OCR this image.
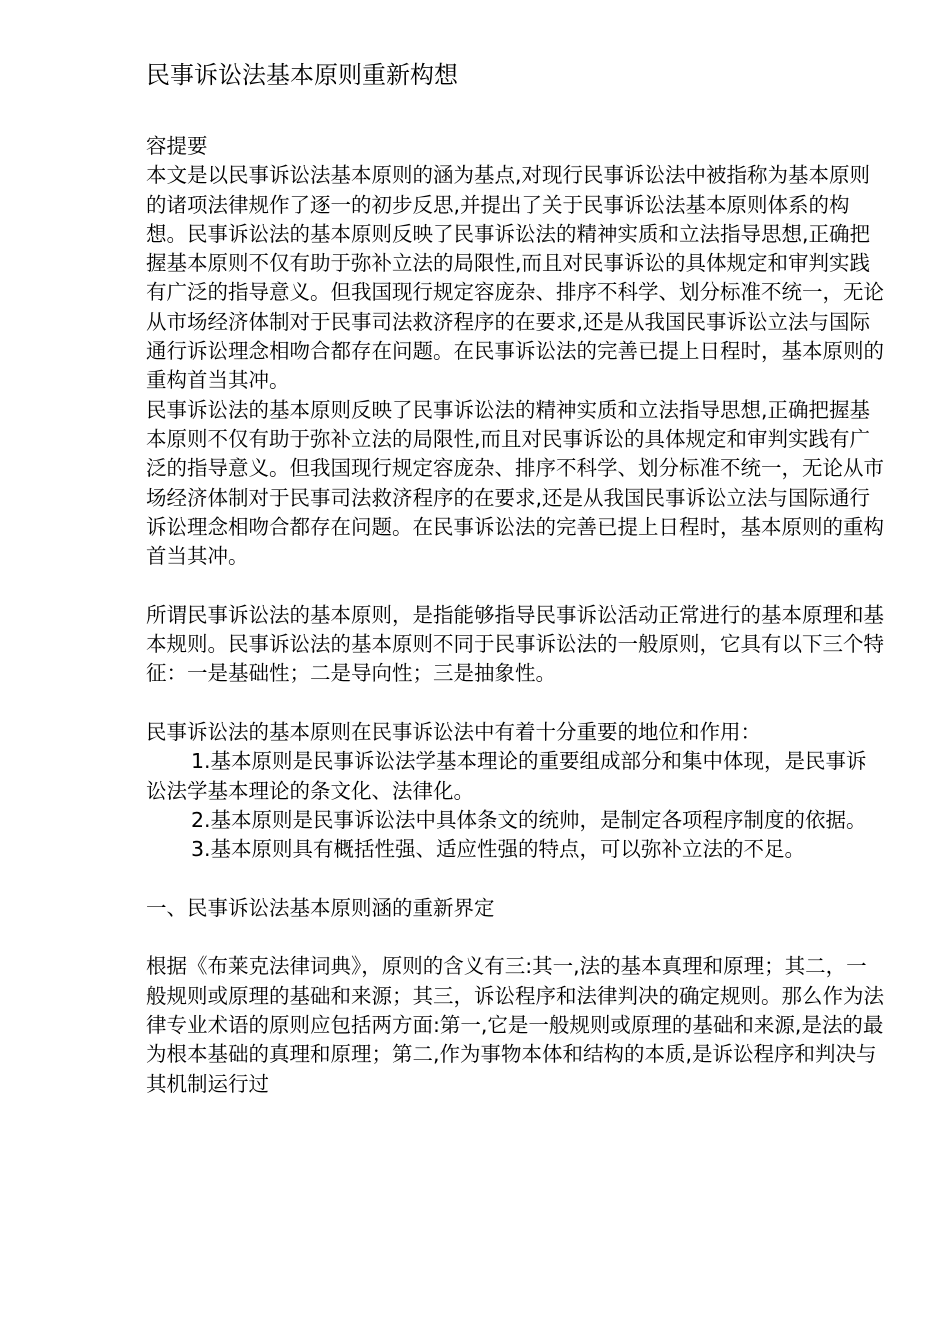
民事诉讼法基本原则重新构想

容提要

本文是以民事诉讼法基本原则的涵为基点,对现行民事诉讼法中被指称为基本原则的诸项法律规作了逐一的初步反思,并提出了关于民事诉讼法基本原则体系的构想。民事诉讼法的基本原则反映了民事诉讼法的精神实质和立法指导思想,正确把握基本原则不仅有助于弥补立法的局限性,而且对民事诉讼的具体规定和审判实践有广泛的指导意义。但我国现行规定容庞杂、排序不科学、划分标准不统一，无论从市场经济体制对于民事司法救济程序的在要求,还是从我国民事诉讼立法与国际通行诉讼理念相吻合都存在问题。在民事诉讼法的完善已提上日程时，基本原则的重构首当其冲。

民事诉讼法的基本原则反映了民事诉讼法的精神实质和立法指导思想,正确把握基本原则不仅有助于弥补立法的局限性,而且对民事诉讼的具体规定和审判实践有广泛的指导意义。但我国现行规定容庞杂、排序不科学、划分标准不统一，无论从市场经济体制对于民事司法救济程序的在要求,还是从我国民事诉讼立法与国际通行诉讼理念相吻合都存在问题。在民事诉讼法的完善已提上日程时，基本原则的重构首当其冲。

所谓民事诉讼法的基本原则，是指能够指导民事诉讼活动正常进行的基本原理和基本规则。民事诉讼法的基本原则不同于民事诉讼法的一般原则，它具有以下三个特征：一是基础性；二是导向性；三是抽象性。

民事诉讼法的基本原则在民事诉讼法中有着十分重要的地位和作用：

1.基本原则是民事诉讼法学基本理论的重要组成部分和集中体现，是民事诉讼法学基本理论的条文化、法律化。

2.基本原则是民事诉讼法中具体条文的统帅，是制定各项程序制度的依据。

3.基本原则具有概括性强、适应性强的特点，可以弥补立法的不足。

一、民事诉讼法基本原则涵的重新界定

根据《布莱克法律词典》，原则的含义有三:其一,法的基本真理和原理；其二，一般规则或原理的基础和来源；其三，诉讼程序和法律判决的确定规则。那么作为法律专业术语的原则应包括两方面:第一,它是一般规则或原理的基础和来源,是法的最为根本基础的真理和原理；第二,作为事物本体和结构的本质,是诉讼程序和判决与其机制运行过
